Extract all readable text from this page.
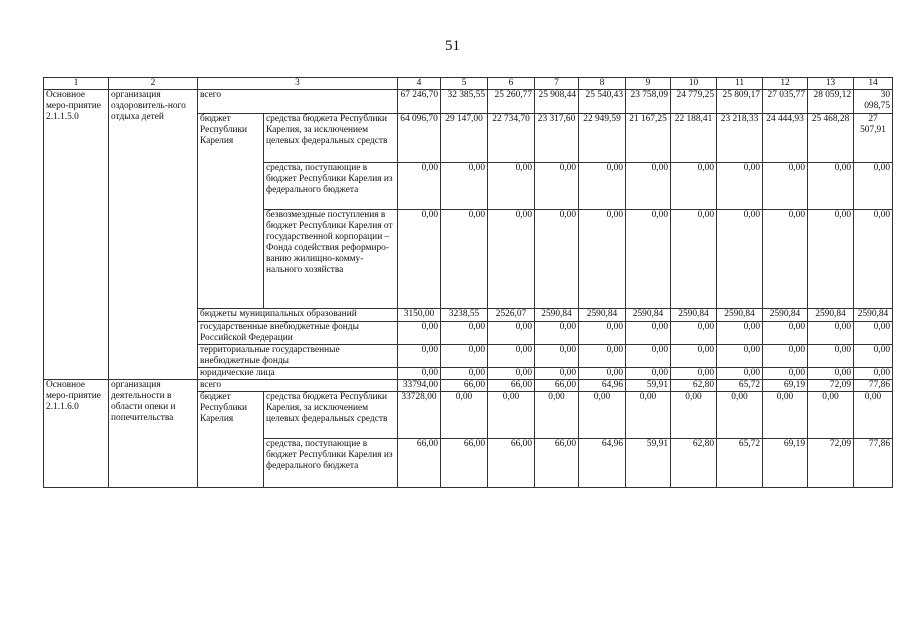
51
1	2	3		4	5	6	7	8	9	10	11	12	13	14
Основное меро-приятие 2.1.1.5.0	организация оздоровитель-ного отдыха детей	всего		67 246,70	32 385,55	25 260,77	25 908,44	25 540,43	23 758,09	24 779,25	25 809,17	27 035,77	28 059,12	30 098,75
		бюджет Республики Карелия	средства бюджета Республики Карелия, за исключением целевых федеральных средств	64 096,70	29 147,00	22 734,70	23 317,60	22 949,59	21 167,25	22 188,41	23 218,33	24 444,93	25 468,28	27 507,91
			средства, поступающие в бюджет Республики Карелия из федерального бюджета	0,00	0,00	0,00	0,00	0,00	0,00	0,00	0,00	0,00	0,00	0,00
			безвозмездные поступления в бюджет Республики Карелия от государственной корпорации – Фонда содействия реформиро-ванию жилищно-комму-нального хозяйства	0,00	0,00	0,00	0,00	0,00	0,00	0,00	0,00	0,00	0,00	0,00
		бюджеты муниципальных образований		3150,00	3238,55	2526,07	2590,84	2590,84	2590,84	2590,84	2590,84	2590,84	2590,84	2590,84
		государственные внебюджетные фонды Российской Федерации		0,00	0,00	0,00	0,00	0,00	0,00	0,00	0,00	0,00	0,00	0,00
		территориальные государственные внебюджетные фонды		0,00	0,00	0,00	0,00	0,00	0,00	0,00	0,00	0,00	0,00	0,00
		юридические лица		0,00	0,00	0,00	0,00	0,00	0,00	0,00	0,00	0,00	0,00	0,00
Основное меро-приятие 2.1.1.6.0	организация деятельности в области опеки и попечительства	всего		33794,00	66,00	66,00	66,00	64,96	59,91	62,80	65,72	69,19	72,09	77,86
		бюджет Республики Карелия	средства бюджета Республики Карелия, за исключением целевых федеральных средств	33728,00	0,00	0,00	0,00	0,00	0,00	0,00	0,00	0,00	0,00	0,00
			средства, поступающие в бюджет Республики Карелия из федерального бюджета	66,00	66,00	66,00	66,00	64,96	59,91	62,80	65,72	69,19	72,09	77,86
